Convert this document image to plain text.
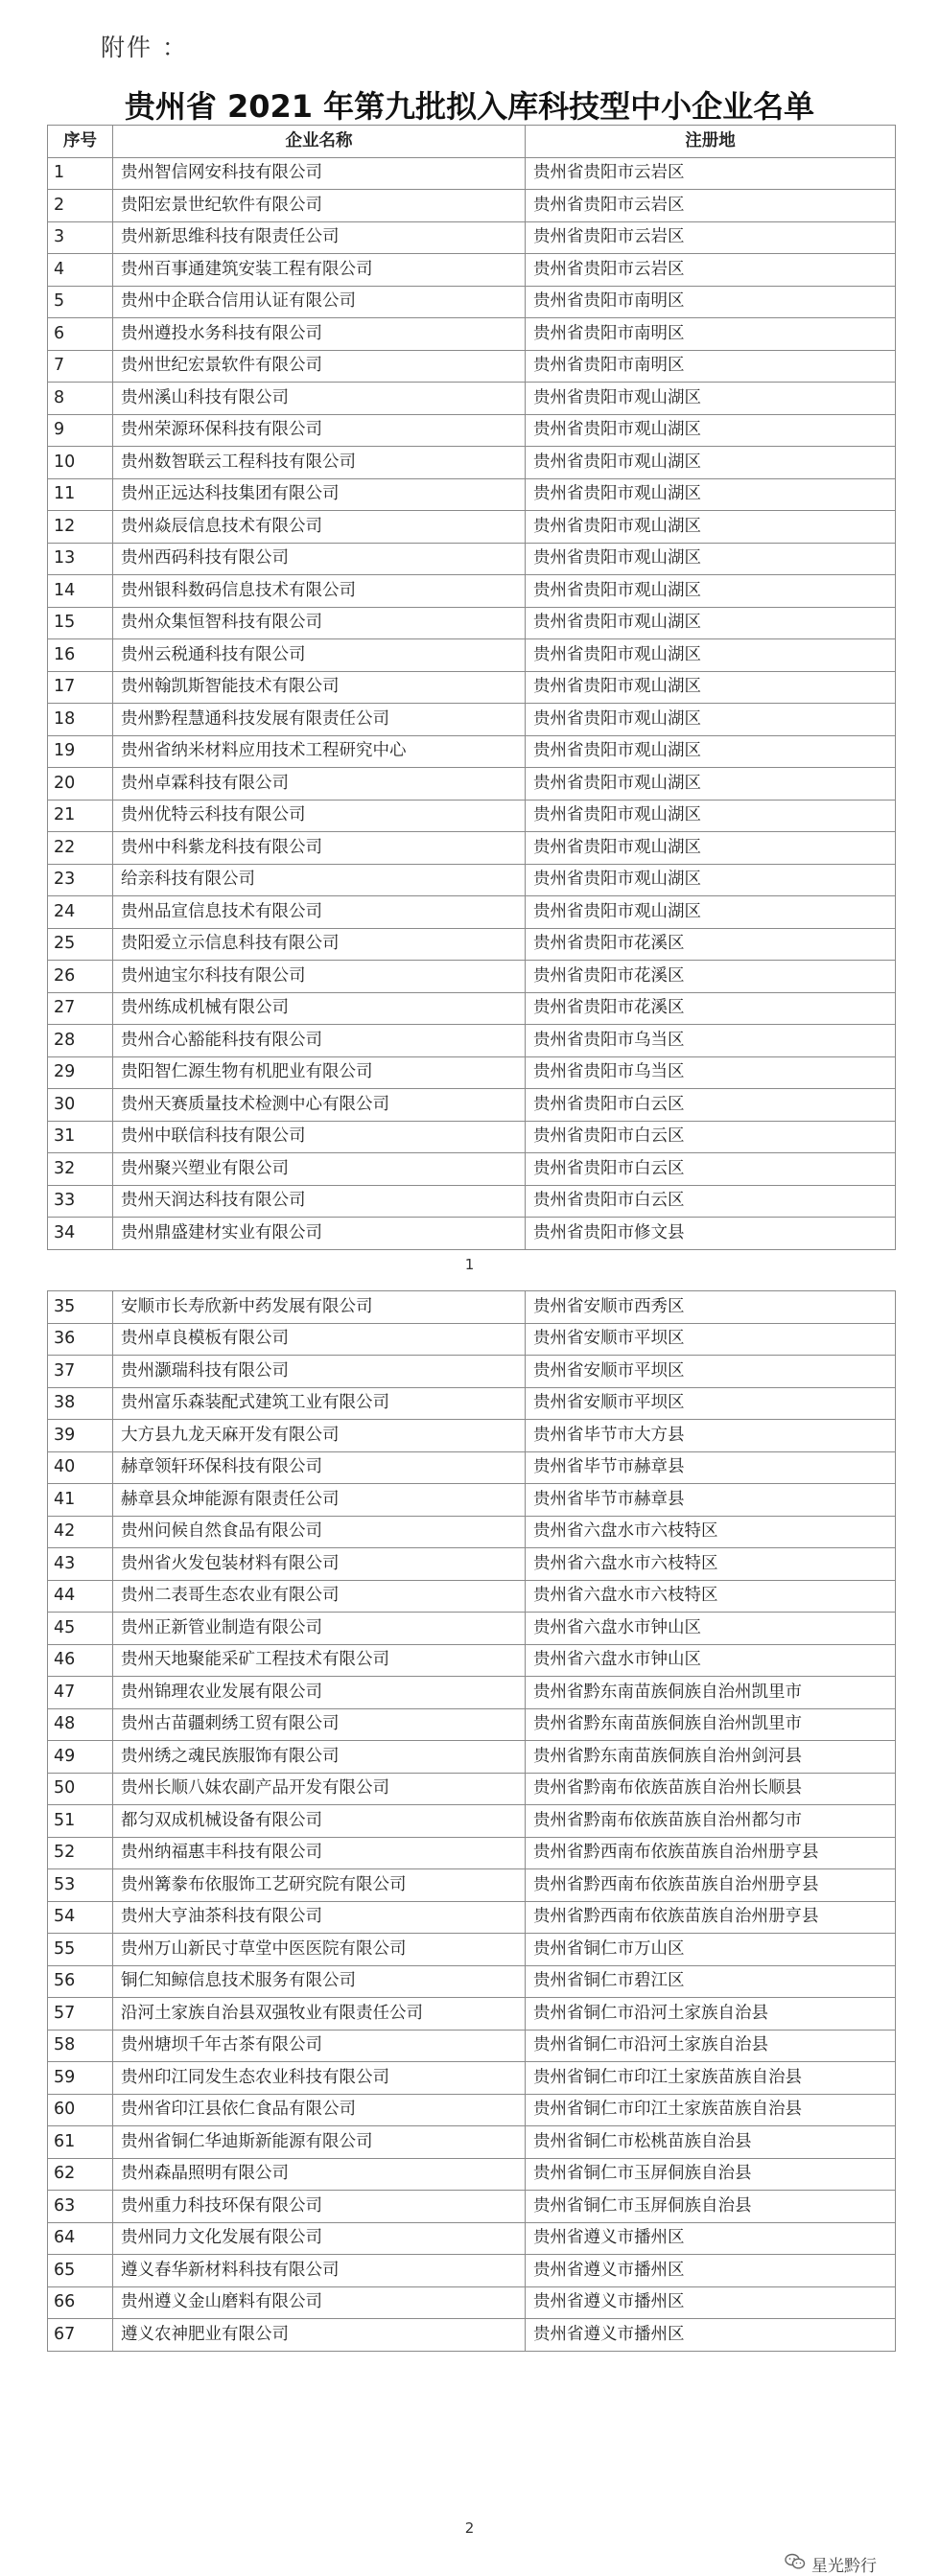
附件 ：
贵州省 2021 年第九批拟入库科技型中小企业名单
序号	企业名称	注册地
1	贵州智信网安科技有限公司	贵州省贵阳市云岩区
2	贵阳宏景世纪软件有限公司	贵州省贵阳市云岩区
3	贵州新思维科技有限责任公司	贵州省贵阳市云岩区
4	贵州百事通建筑安装工程有限公司	贵州省贵阳市云岩区
5	贵州中企联合信用认证有限公司	贵州省贵阳市南明区
6	贵州遵投水务科技有限公司	贵州省贵阳市南明区
7	贵州世纪宏景软件有限公司	贵州省贵阳市南明区
8	贵州溪山科技有限公司	贵州省贵阳市观山湖区
9	贵州荣源环保科技有限公司	贵州省贵阳市观山湖区
10	贵州数智联云工程科技有限公司	贵州省贵阳市观山湖区
11	贵州正远达科技集团有限公司	贵州省贵阳市观山湖区
12	贵州焱辰信息技术有限公司	贵州省贵阳市观山湖区
13	贵州西码科技有限公司	贵州省贵阳市观山湖区
14	贵州银科数码信息技术有限公司	贵州省贵阳市观山湖区
15	贵州众集恒智科技有限公司	贵州省贵阳市观山湖区
16	贵州云税通科技有限公司	贵州省贵阳市观山湖区
17	贵州翰凯斯智能技术有限公司	贵州省贵阳市观山湖区
18	贵州黔程慧通科技发展有限责任公司	贵州省贵阳市观山湖区
19	贵州省纳米材料应用技术工程研究中心	贵州省贵阳市观山湖区
20	贵州卓霖科技有限公司	贵州省贵阳市观山湖区
21	贵州优特云科技有限公司	贵州省贵阳市观山湖区
22	贵州中科紫龙科技有限公司	贵州省贵阳市观山湖区
23	给亲科技有限公司	贵州省贵阳市观山湖区
24	贵州品宣信息技术有限公司	贵州省贵阳市观山湖区
25	贵阳爱立示信息科技有限公司	贵州省贵阳市花溪区
26	贵州迪宝尔科技有限公司	贵州省贵阳市花溪区
27	贵州练成机械有限公司	贵州省贵阳市花溪区
28	贵州合心豁能科技有限公司	贵州省贵阳市乌当区
29	贵阳智仁源生物有机肥业有限公司	贵州省贵阳市乌当区
30	贵州天赛质量技术检测中心有限公司	贵州省贵阳市白云区
31	贵州中联信科技有限公司	贵州省贵阳市白云区
32	贵州聚兴塑业有限公司	贵州省贵阳市白云区
33	贵州天润达科技有限公司	贵州省贵阳市白云区
34	贵州鼎盛建材实业有限公司	贵州省贵阳市修文县
1
35	安顺市长寿欣新中药发展有限公司	贵州省安顺市西秀区
36	贵州卓良模板有限公司	贵州省安顺市平坝区
37	贵州灏瑞科技有限公司	贵州省安顺市平坝区
38	贵州富乐森装配式建筑工业有限公司	贵州省安顺市平坝区
39	大方县九龙天麻开发有限公司	贵州省毕节市大方县
40	赫章领轩环保科技有限公司	贵州省毕节市赫章县
41	赫章县众坤能源有限责任公司	贵州省毕节市赫章县
42	贵州问候自然食品有限公司	贵州省六盘水市六枝特区
43	贵州省火发包装材料有限公司	贵州省六盘水市六枝特区
44	贵州二表哥生态农业有限公司	贵州省六盘水市六枝特区
45	贵州正新管业制造有限公司	贵州省六盘水市钟山区
46	贵州天地聚能采矿工程技术有限公司	贵州省六盘水市钟山区
47	贵州锦理农业发展有限公司	贵州省黔东南苗族侗族自治州凯里市
48	贵州古苗疆刺绣工贸有限公司	贵州省黔东南苗族侗族自治州凯里市
49	贵州绣之魂民族服饰有限公司	贵州省黔东南苗族侗族自治州剑河县
50	贵州长顺八妹农副产品开发有限公司	贵州省黔南布依族苗族自治州长顺县
51	都匀双成机械设备有限公司	贵州省黔南布依族苗族自治州都匀市
52	贵州纳福惠丰科技有限公司	贵州省黔西南布依族苗族自治州册亨县
53	贵州篝豢布依服饰工艺研究院有限公司	贵州省黔西南布依族苗族自治州册亨县
54	贵州大亨油茶科技有限公司	贵州省黔西南布依族苗族自治州册亨县
55	贵州万山新民寸草堂中医医院有限公司	贵州省铜仁市万山区
56	铜仁知鲸信息技术服务有限公司	贵州省铜仁市碧江区
57	沿河土家族自治县双强牧业有限责任公司	贵州省铜仁市沿河土家族自治县
58	贵州塘坝千年古茶有限公司	贵州省铜仁市沿河土家族自治县
59	贵州印江同发生态农业科技有限公司	贵州省铜仁市印江土家族苗族自治县
60	贵州省印江县依仁食品有限公司	贵州省铜仁市印江土家族苗族自治县
61	贵州省铜仁华迪斯新能源有限公司	贵州省铜仁市松桃苗族自治县
62	贵州森晶照明有限公司	贵州省铜仁市玉屏侗族自治县
63	贵州重力科技环保有限公司	贵州省铜仁市玉屏侗族自治县
64	贵州同力文化发展有限公司	贵州省遵义市播州区
65	遵义春华新材料科技有限公司	贵州省遵义市播州区
66	贵州遵义金山磨料有限公司	贵州省遵义市播州区
67	遵义农神肥业有限公司	贵州省遵义市播州区
2
星光黔行
